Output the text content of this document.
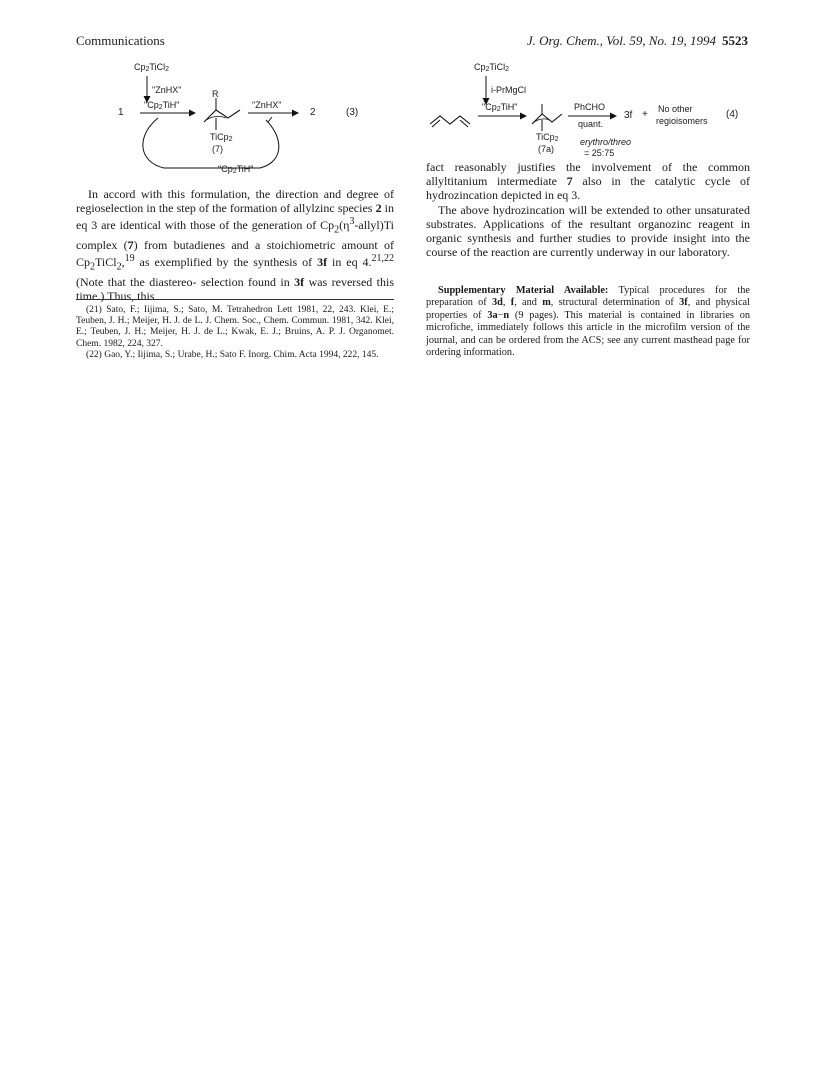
Communications	J. Org. Chem., Vol. 59, No. 19, 1994 5523
$Cp_2TiCl_2$
"ZnHX"
"$Cp_2TiH$"
R
"ZnHX"
TiCp$_2$
(7)
"$Cp_2TiH$"
1	2	(3)
$Cp_2TiCl_2$
i-PrMgCl
"$Cp_2TiH$"	PhCHO
quant.
TiCp$_2$
(7a)
3f + No other
regioisomers
erythro/threo
= 25:75
(4)

In accord with this formulation, the direction and degree of regioselection in the step of the formation of allylzinc species 2 in eq 3 are identical with those of the generation of $Cp_2(\eta^3-allyl)Ti$ complex (7) from butadienes and a stoichiometric amount of $Cp_2TiCl_2,^{19}$ as exemplified by the synthesis of 3f in eq 4.$^{21,22}$ (Note that the diastereo- selection found in 3f was reversed this time.) Thus, this

(21) Sato, F.; Iijima, S.; Sato, M. Tetrahedron Lett 1981, 22, 243. Klei, E.; Teuben, J. H.; Meijer, H. J. de L. J. Chem. Soc., Chem. Commun. 1981, 342. Klei, E.; Teuben, J. H.; Meijer, H. J. de L.; Kwak, E. J.; Bruins, A. P. J. Organomet. Chem. 1982, 224, 327.

(22) Gao, Y.; Iijima, S.; Urabe, H.; Sato F. Inorg. Chim. Acta 1994, 222, 145.

fact reasonably justifies the involvement of the common allyltitanium intermediate 7 also in the catalytic cycle of hydrozincation depicted in eq 3.

The above hydrozincation will be extended to other unsaturated substrates. Applications of the resultant organozinc reagent in organic synthesis and further studies to provide insight into the course of the reaction are currently underway in our laboratory.

Supplementary Material Available: Typical procedures for the preparation of 3d, f, and m, structural determination of 3f, and physical properties of 3a−n (9 pages). This material is contained in libraries on microfiche, immediately follows this article in the microfilm version of the journal, and can be ordered from the ACS; see any current masthead page for ordering information.
